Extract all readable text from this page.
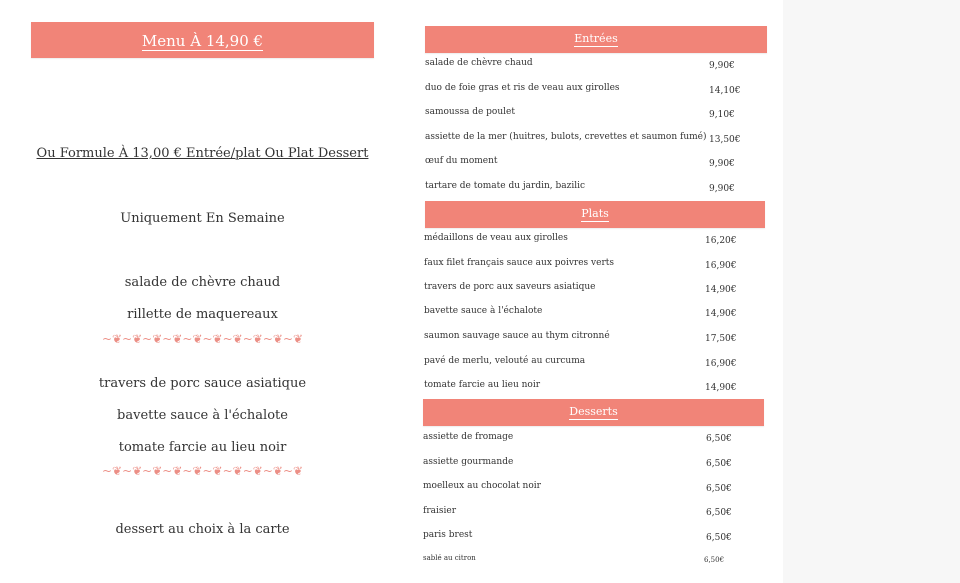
Menu À 14,90 €
Ou Formule À 13,00 € Entrée/plat Ou Plat Dessert
Uniquement En Semaine
salade de chèvre chaud
rillette de maquereaux
~❦~❦~❦~❦~❦~❦~❦~❦~❦~❦
travers de porc sauce asiatique
bavette sauce à l'échalote
tomate farcie au lieu noir
~❦~❦~❦~❦~❦~❦~❦~❦~❦~❦
dessert au choix à la carte
Entrées
salade de chèvre chaud	9,90€
duo de foie gras et ris de veau aux girolles	14,10€
samoussa de poulet	9,10€
assiette de la mer (huitres, bulots, crevettes et saumon fumé) 13,50€
œuf du moment	9,90€
tartare de tomate du jardin, bazilic	9,90€
Plats
médaillons de veau aux girolles	16,20€
faux filet français sauce aux poivres verts	16,90€
travers de porc aux saveurs asiatique	14,90€
bavette sauce à l'échalote	14,90€
saumon sauvage sauce au thym citronné	17,50€
pavé de merlu, velouté au curcuma	16,90€
tomate farcie au lieu noir	14,90€
Desserts
assiette de fromage	6,50€
assiette gourmande	6,50€
moelleux au chocolat noir	6,50€
fraisier	6,50€
paris brest	6,50€
sablé au citron	6,50€
